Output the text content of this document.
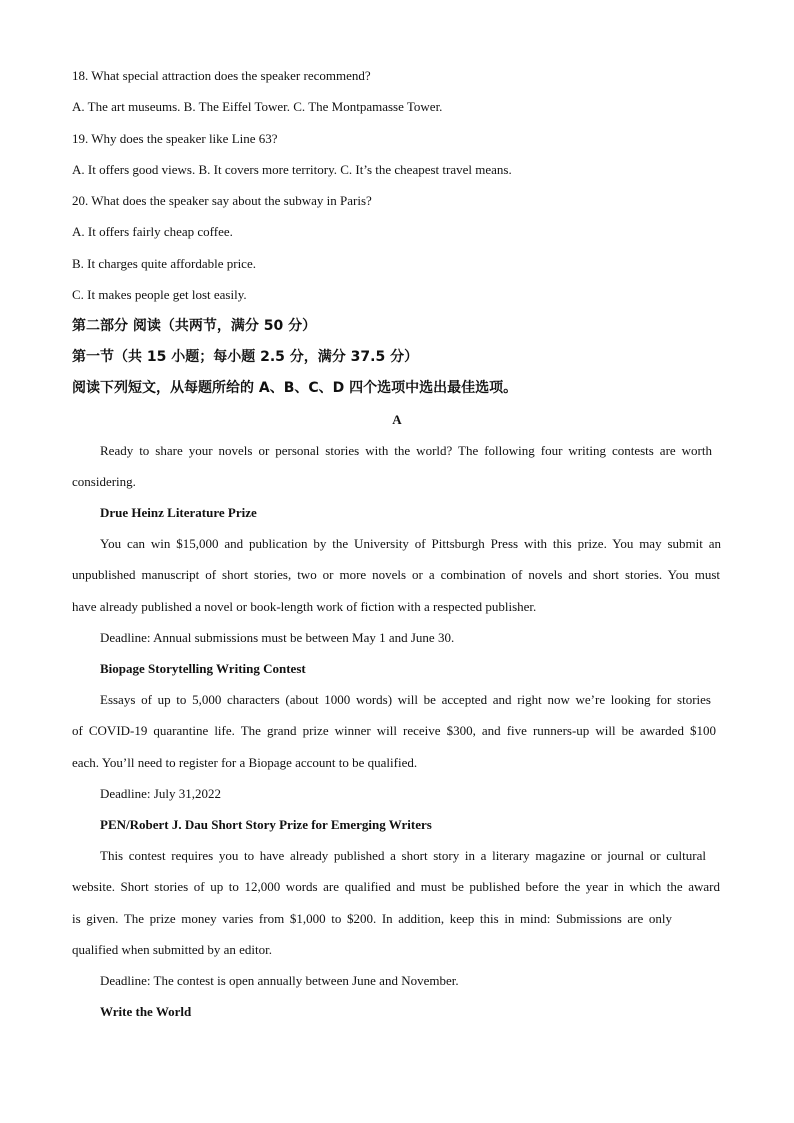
18. What special attraction does the speaker recommend?
A. The art museums. B. The Eiffel Tower. C. The Montpamasse Tower.
19. Why does the speaker like Line 63?
A. It offers good views. B. It covers more territory. C. It’s the cheapest travel means.
20. What does the speaker say about the subway in Paris?
A. It offers fairly cheap coffee.
B. It charges quite affordable price.
C. It makes people get lost easily.
第二部分 阅读（共两节，满分 50 分）
第一节（共 15 小题；每小题 2.5 分，满分 37.5 分）
阅读下列短文，从每题所给的 A、B、C、D 四个选项中选出最佳选项。
A
Ready to share your novels or personal stories with the world? The following four writing contests are worth
considering.
Drue Heinz Literature Prize
You can win $15,000 and publication by the University of Pittsburgh Press with this prize. You may submit an
unpublished manuscript of short stories, two or more novels or a combination of novels and short stories. You must
have already published a novel or book-length work of fiction with a respected publisher.
Deadline: Annual submissions must be between May 1 and June 30.
Biopage Storytelling Writing Contest
Essays of up to 5,000 characters (about 1000 words) will be accepted and right now we’re looking for stories
of COVID-19 quarantine life. The grand prize winner will receive $300, and five runners-up will be awarded $100
each. You’ll need to register for a Biopage account to be qualified.
Deadline: July 31,2022
PEN/Robert J. Dau Short Story Prize for Emerging Writers
This contest requires you to have already published a short story in a literary magazine or journal or cultural
website. Short stories of up to 12,000 words are qualified and must be published before the year in which the award
is given. The prize money varies from $1,000 to $200. In addition, keep this in mind: Submissions are only
qualified when submitted by an editor.
Deadline: The contest is open annually between June and November.
Write the World
